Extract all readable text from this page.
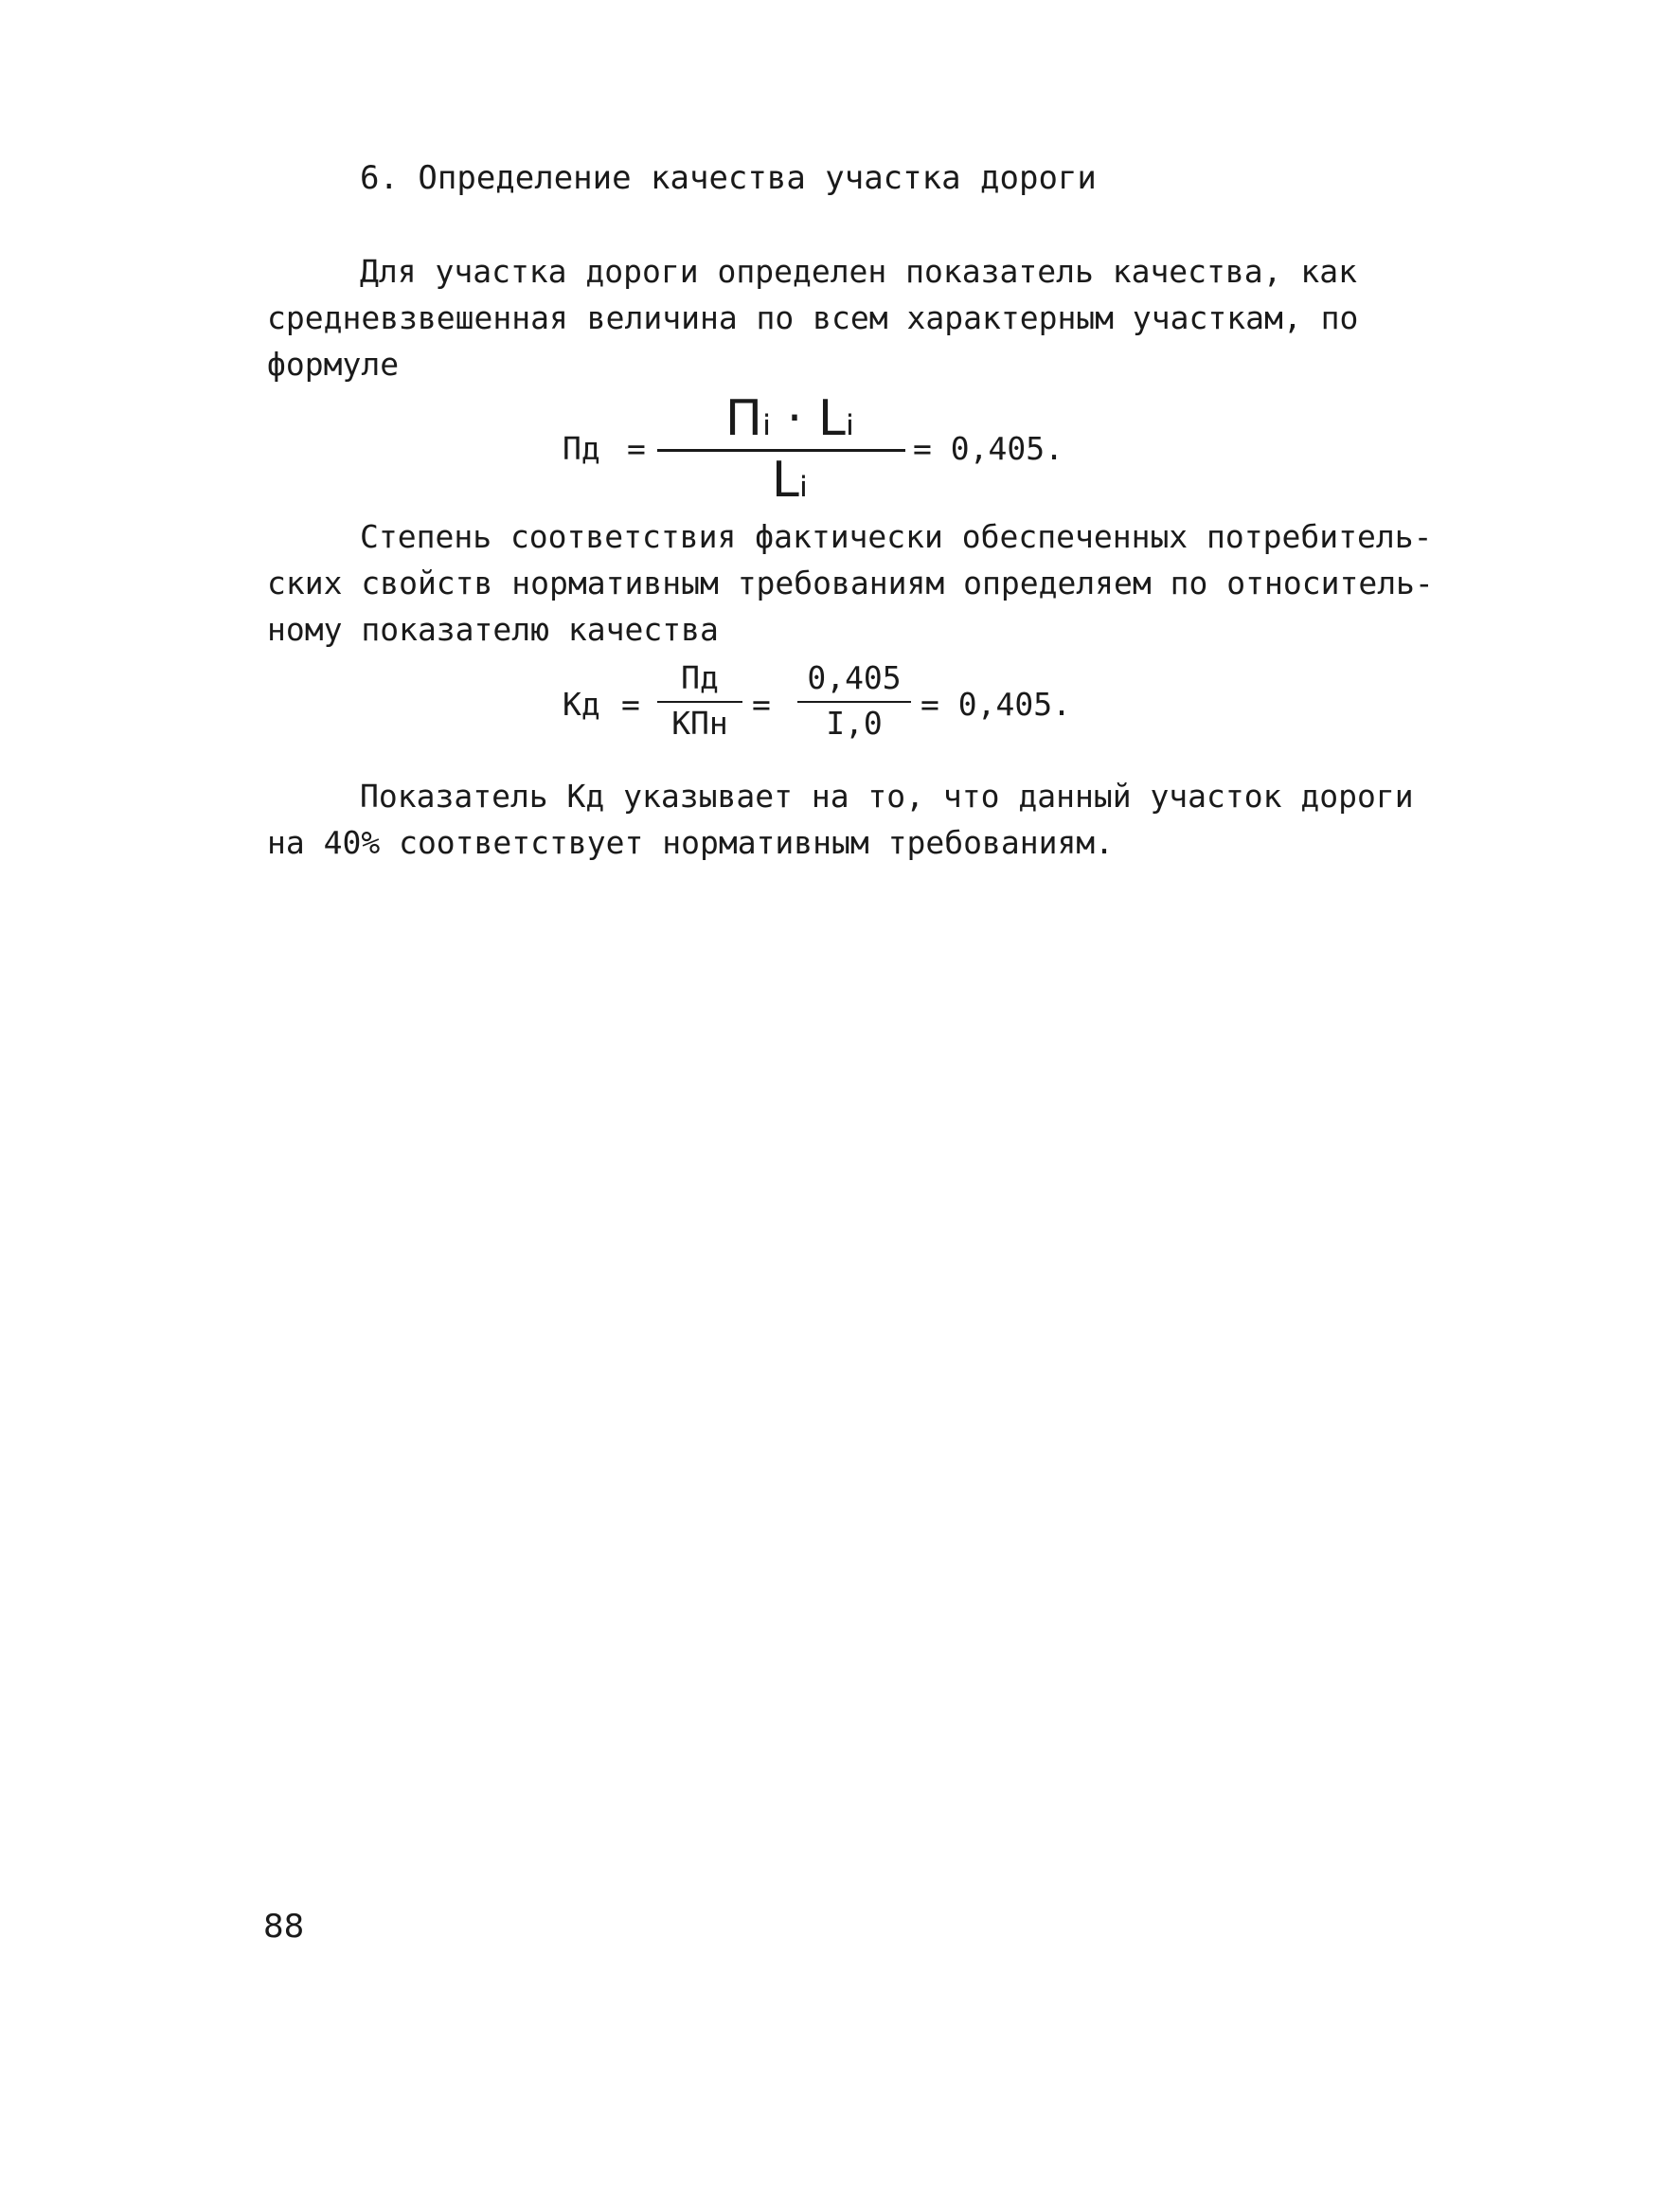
6. Определение качества участка дороги
Для участка дороги определен показатель качества, как
средневзвешенная величина по всем характерным участкам, по
формуле
Пд =
Пᵢ · Lᵢ
Lᵢ
= 0,405.
Степень соответствия фактически обеспеченных потребитель-
ских свойств нормативным требованиям определяем по относитель-
ному показателю качества
Кд =
Пд
КПн
=
0,405
I,0
= 0,405.
Показатель Кд указывает на то, что данный участок дороги
на 40% соответствует нормативным требованиям.
88
